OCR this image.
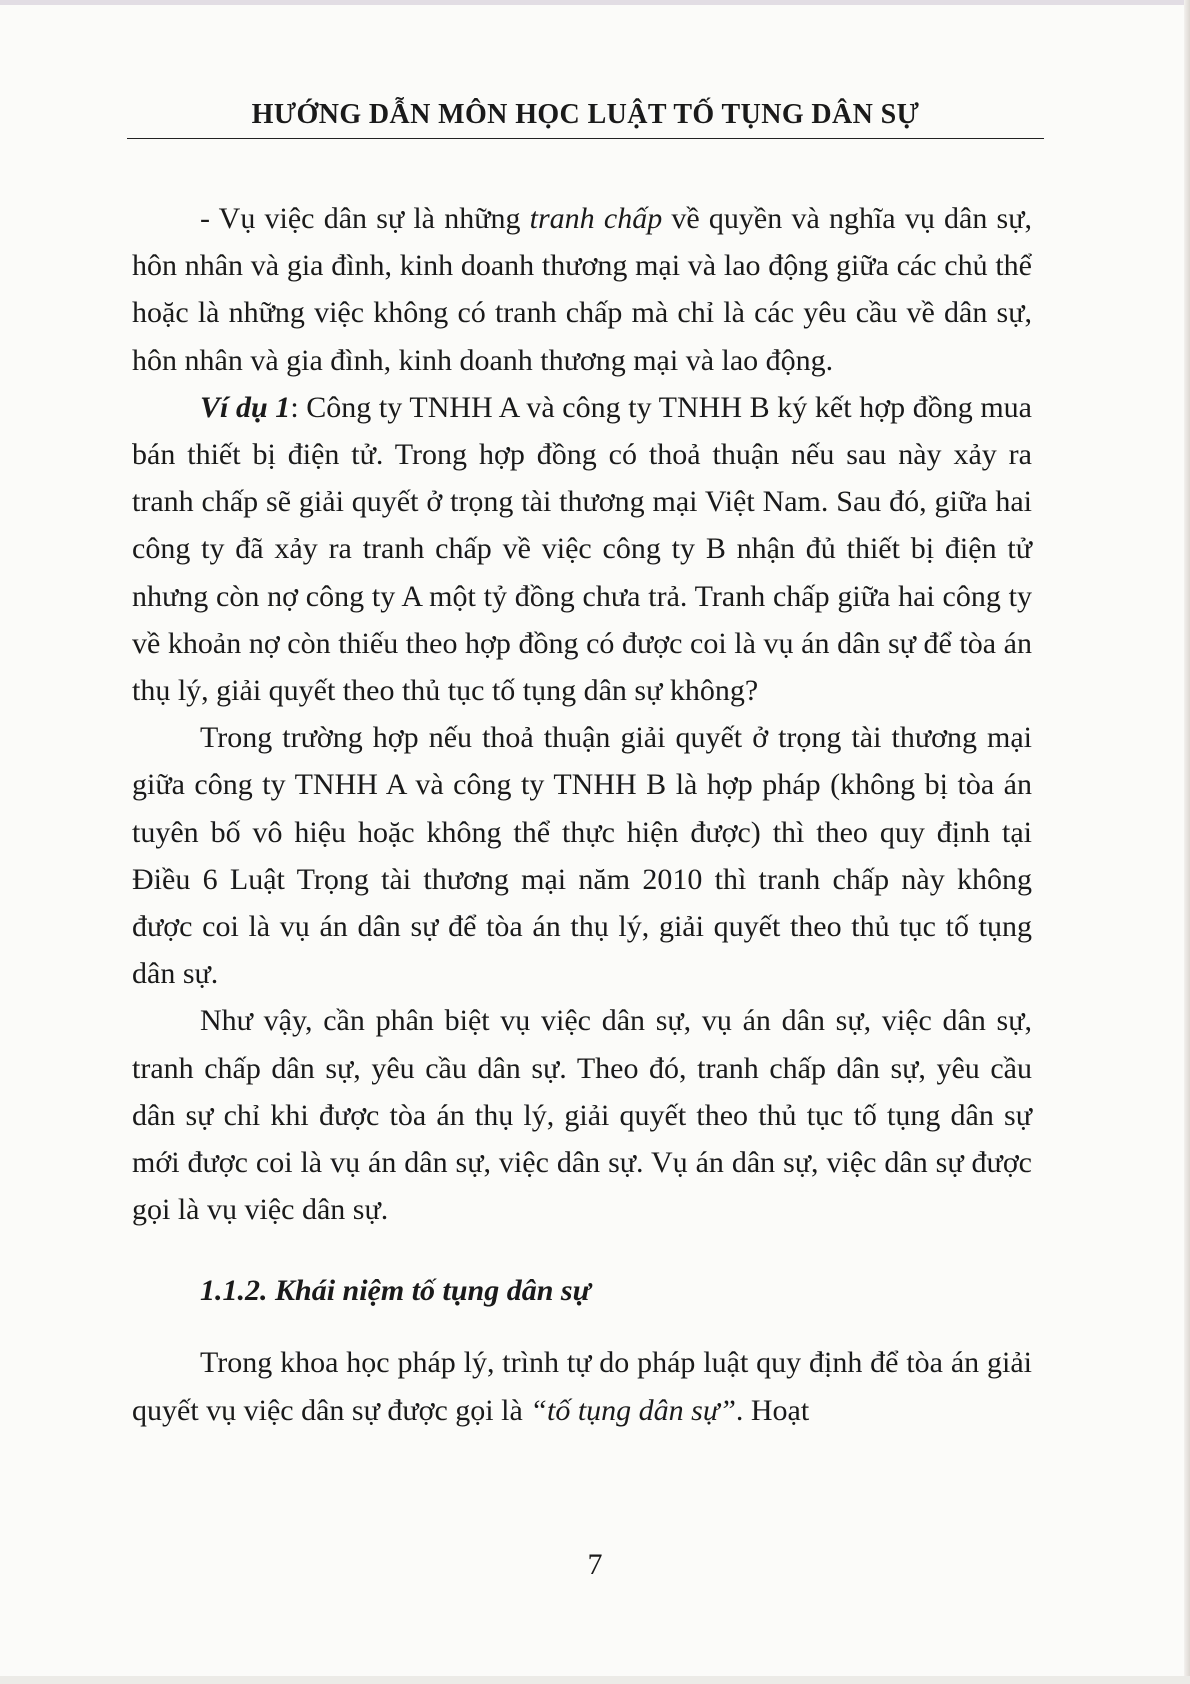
HƯỚNG DẪN MÔN HỌC LUẬT TỐ TỤNG DÂN SỰ

- Vụ việc dân sự là những tranh chấp về quyền và nghĩa vụ dân sự, hôn nhân và gia đình, kinh doanh thương mại và lao động giữa các chủ thể hoặc là những việc không có tranh chấp mà chỉ là các yêu cầu về dân sự, hôn nhân và gia đình, kinh doanh thương mại và lao động.

Ví dụ 1: Công ty TNHH A và công ty TNHH B ký kết hợp đồng mua bán thiết bị điện tử. Trong hợp đồng có thoả thuận nếu sau này xảy ra tranh chấp sẽ giải quyết ở trọng tài thương mại Việt Nam. Sau đó, giữa hai công ty đã xảy ra tranh chấp về việc công ty B nhận đủ thiết bị điện tử nhưng còn nợ công ty A một tỷ đồng chưa trả. Tranh chấp giữa hai công ty về khoản nợ còn thiếu theo hợp đồng có được coi là vụ án dân sự để tòa án thụ lý, giải quyết theo thủ tục tố tụng dân sự không?

Trong trường hợp nếu thoả thuận giải quyết ở trọng tài thương mại giữa công ty TNHH A và công ty TNHH B là hợp pháp (không bị tòa án tuyên bố vô hiệu hoặc không thể thực hiện được) thì theo quy định tại Điều 6 Luật Trọng tài thương mại năm 2010 thì tranh chấp này không được coi là vụ án dân sự để tòa án thụ lý, giải quyết theo thủ tục tố tụng dân sự.

Như vậy, cần phân biệt vụ việc dân sự, vụ án dân sự, việc dân sự, tranh chấp dân sự, yêu cầu dân sự. Theo đó, tranh chấp dân sự, yêu cầu dân sự chỉ khi được tòa án thụ lý, giải quyết theo thủ tục tố tụng dân sự mới được coi là vụ án dân sự, việc dân sự. Vụ án dân sự, việc dân sự được gọi là vụ việc dân sự.

1.1.2. Khái niệm tố tụng dân sự

Trong khoa học pháp lý, trình tự do pháp luật quy định để tòa án giải quyết vụ việc dân sự được gọi là “tố tụng dân sự”. Hoạt

7
